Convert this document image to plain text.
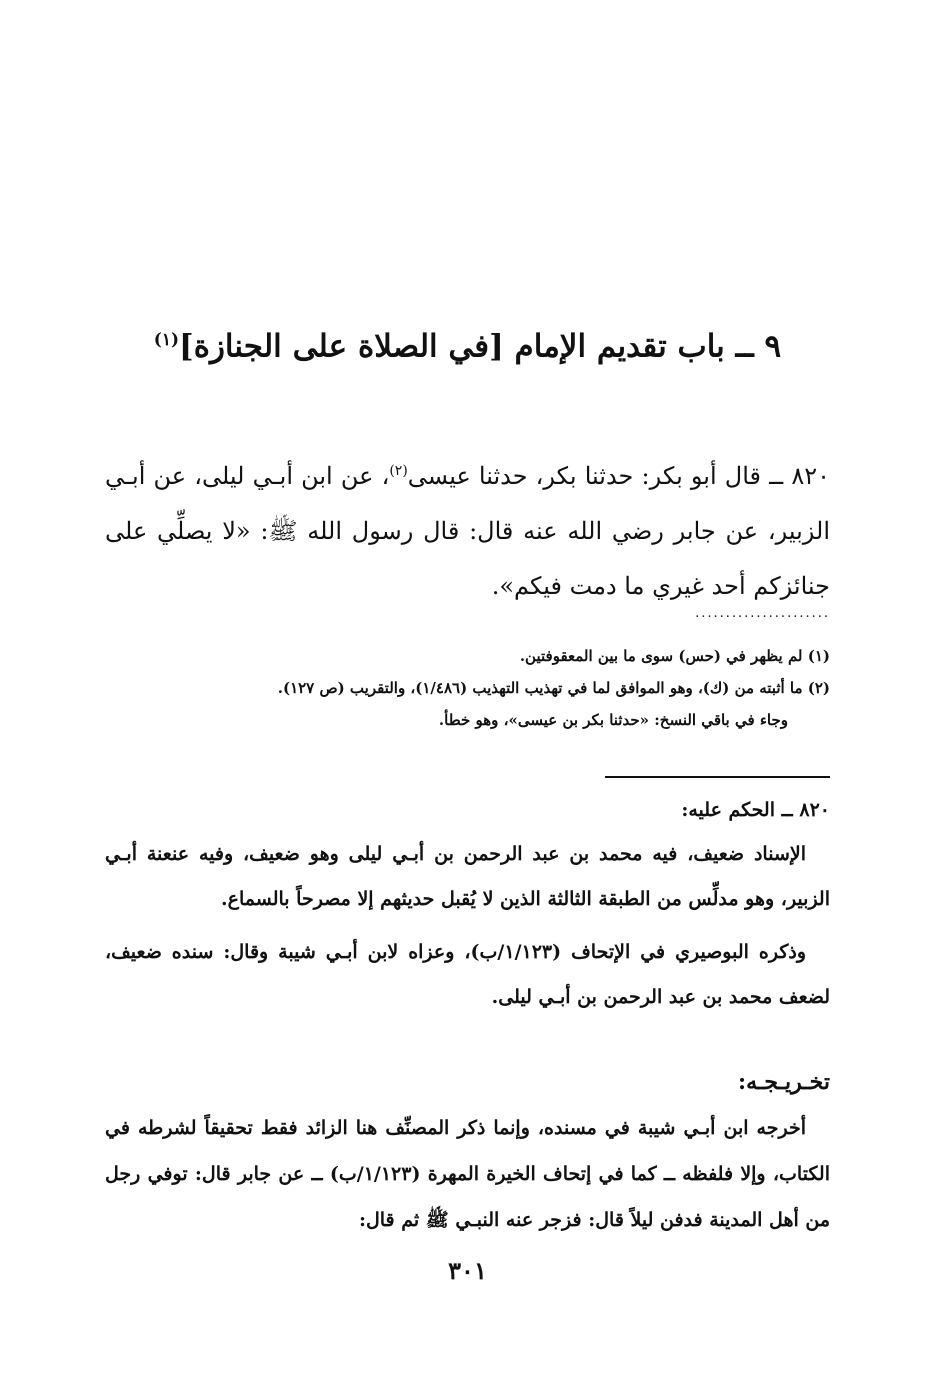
٩ ــ باب تقديم الإمام [في الصلاة على الجنازة]$^{(١)}$
٨٢٠ ــ قال أبو بكر: حدثنا بكر، حدثنا عيسى$^{(٢)}$، عن ابن أبـي ليلى، عن أبـي الزبير، عن جابر رضي الله عنه قال: قال رسول الله ﷺ: «لا يصلِّي على جنائزكم أحد غيري ما دمت فيكم».
......................

(١) لم يظهر في (حس) سوى ما بين المعقوفتين.

(٢) ما أثبته من (ك)، وهو الموافق لما في تهذيب التهذيب (١/٤٨٦)، والتقريب (ص ١٢٧).

وجاء في باقي النسخ: «حدثنا بكر بن عيسى»، وهو خطأ.

٨٢٠ ــ الحكم عليه:

الإسناد ضعيف، فيه محمد بن عبد الرحمن بن أبـي ليلى وهو ضعيف، وفيه عنعنة أبـي الزبير، وهو مدلِّس من الطبقة الثالثة الذين لا يُقبل حديثهم إلا مصرحاً بالسماع.

وذكره البوصيري في الإتحاف (١/١٢٣/ب)، وعزاه لابن أبـي شيبة وقال: سنده ضعيف، لضعف محمد بن عبد الرحمن بن أبـي ليلى.

تخـريـجـه:
أخرجه ابن أبـي شيبة في مسنده، وإنما ذكر المصنِّف هنا الزائد فقط تحقيقاً لشرطه في الكتاب، وإلا فلفظه ــ كما في إتحاف الخيرة المهرة (١/١٢٣/ب) ــ عن جابر قال: توفي رجل من أهل المدينة فدفن ليلاً قال: فزجر عنه النبـي ﷺ ثم قال:
٣٠١
